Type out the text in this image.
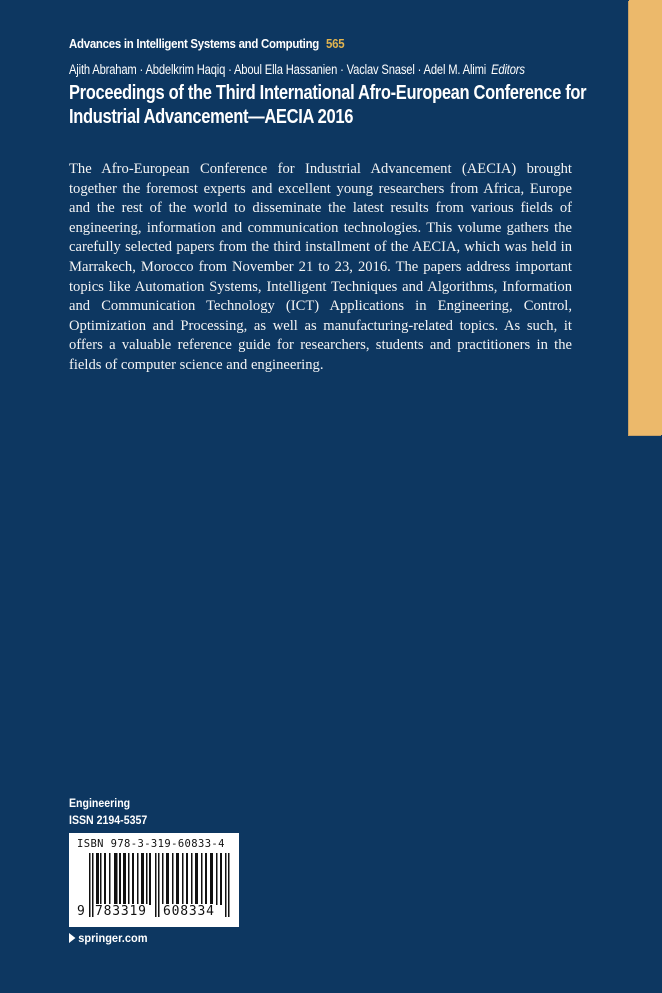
Advances in Intelligent Systems and Computing 565
Ajith Abraham · Abdelkrim Haqiq · Aboul Ella Hassanien · Vaclav Snasel · Adel M. Alimi Editors
Proceedings of the Third International Afro-European Conference for
Industrial Advancement—AECIA 2016

The Afro-European Conference for Industrial Advancement (AECIA) brought together the foremost experts and excellent young researchers from Africa, Europe and the rest of the world to disseminate the latest results from various fields of engineering, information and communication technologies. This volume gathers the carefully selected papers from the third installment of the AECIA, which was held in Marrakech, Morocco from November 21 to 23, 2016. The papers address important topics like Automation Systems, Intelligent Techniques and Algorithms, Information and Communication Technology (ICT) Applications in Engineering, Control, Optimization and Processing, as well as manufacturing-related topics. As such, it offers a valuable reference guide for researchers, students and practitioners in the fields of computer science and engineering.

Engineering
ISSN 2194-5357
ISBN 978-3-319-60833-4
9 783319 608334
springer.com
